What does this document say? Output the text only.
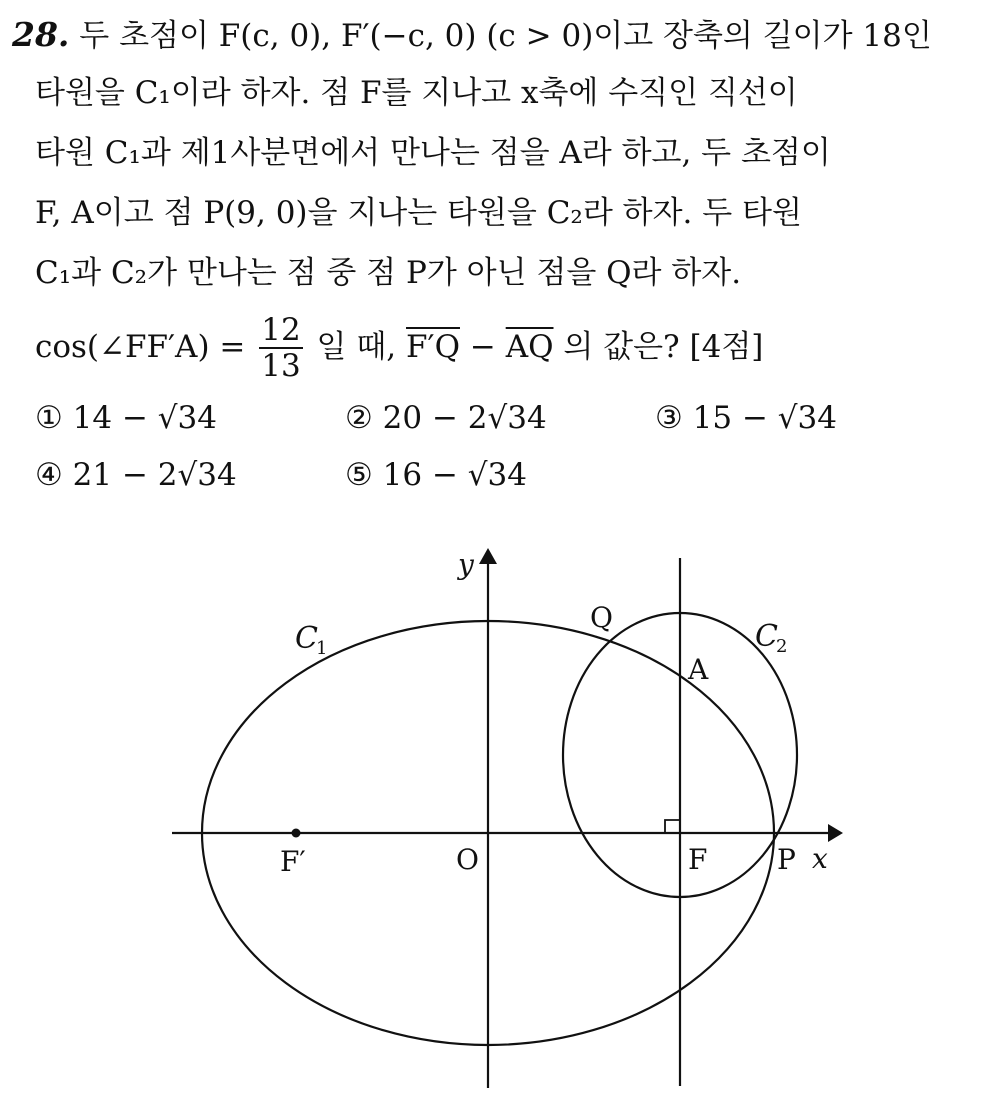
28. 두 초점이 F(c, 0), F′(−c, 0) (c > 0)이고 장축의 길이가 18인
타원을 C₁이라 하자. 점 F를 지나고 x축에 수직인 직선이
타원 C₁과 제1사분면에서 만나는 점을 A라 하고, 두 초점이
F, A이고 점 P(9, 0)을 지나는 타원을 C₂라 하자. 두 타원
C₁과 C₂가 만나는 점 중 점 P가 아닌 점을 Q라 하자.
cos(∠FF′A) = $\frac{12}{13}$ 일 때, $F'Q - \overline{AQ}$ 의 값은? [4점]
① 14 − √34	② 20 − 2√34	③ 15 − √34
④ 21 − 2√34	⑤ 16 − √34
y
x
O
F′	F P
Q
A
C
1	C
2
